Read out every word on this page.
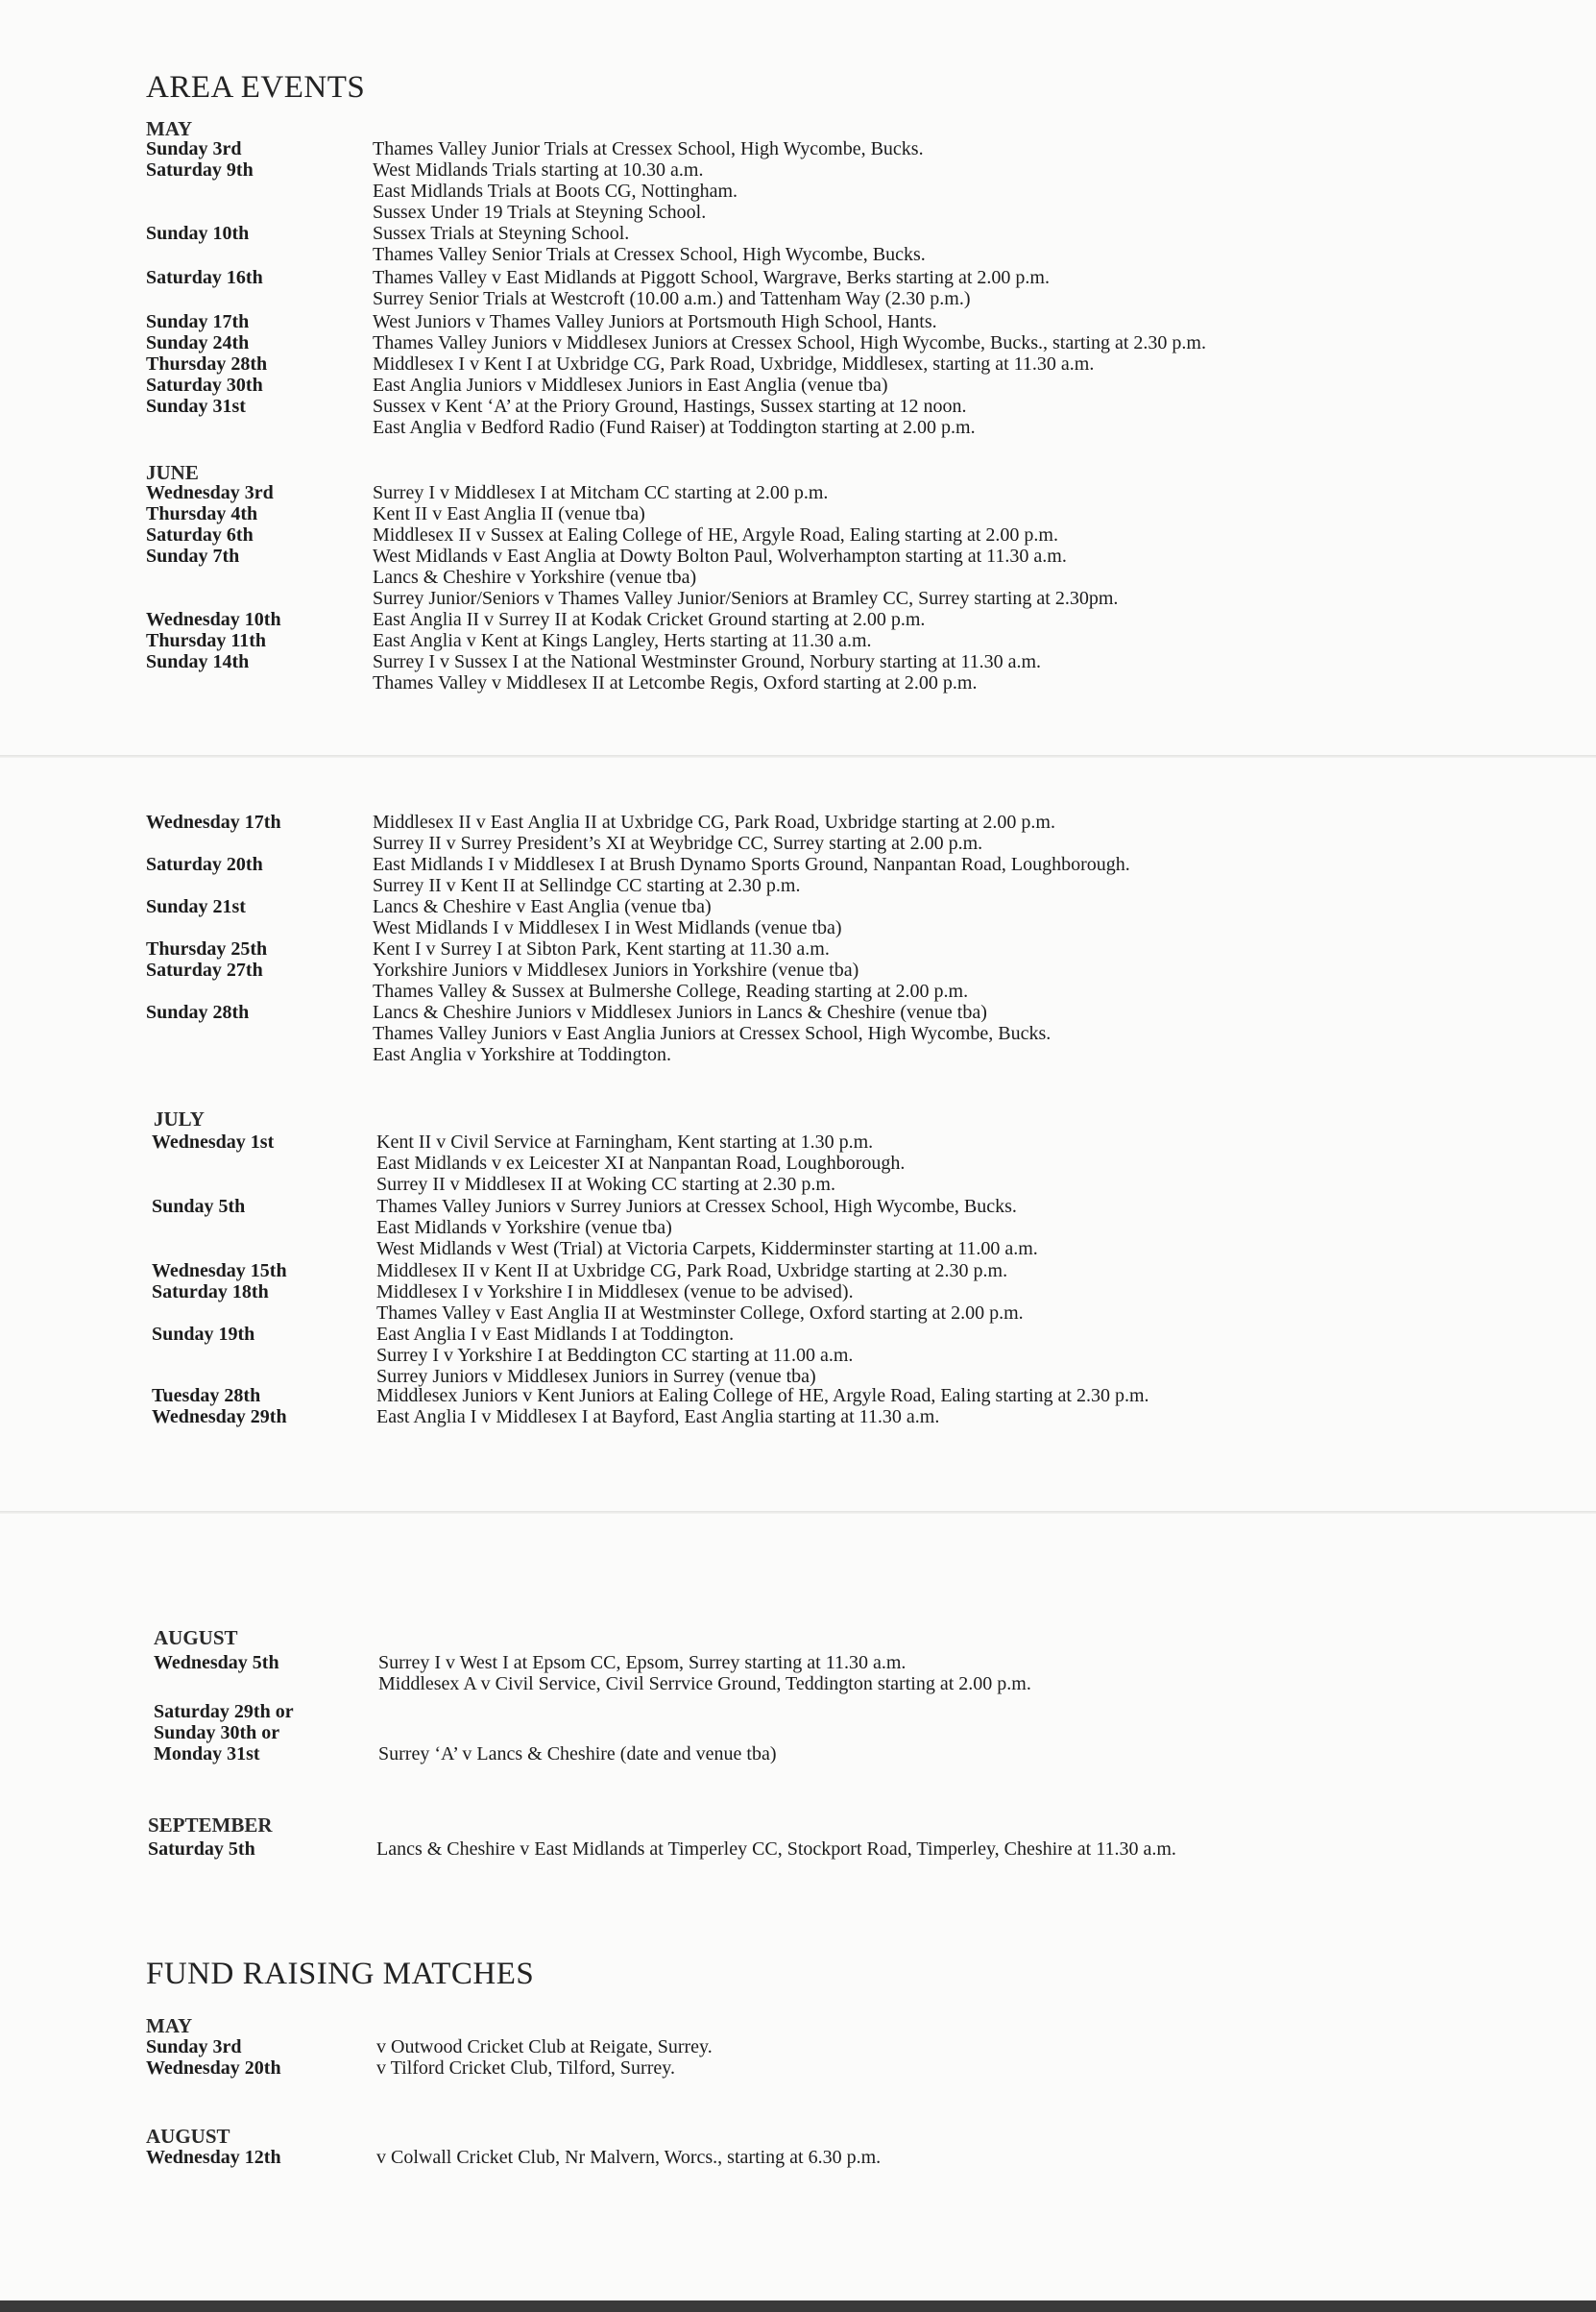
AREA EVENTS
FUND RAISING MATCHES
MAY
Sunday 3rd	Thames Valley Junior Trials at Cressex School, High Wycombe, Bucks.
Saturday 9th	West Midlands Trials starting at 10.30 a.m.
East Midlands Trials at Boots CG, Nottingham.
Sussex Under 19 Trials at Steyning School.
Sunday 10th	Sussex Trials at Steyning School.
Thames Valley Senior Trials at Cressex School, High Wycombe, Bucks.
Saturday 16th	Thames Valley v East Midlands at Piggott School, Wargrave, Berks starting at 2.00 p.m.
Surrey Senior Trials at Westcroft (10.00 a.m.) and Tattenham Way (2.30 p.m.)
Sunday 17th	West Juniors v Thames Valley Juniors at Portsmouth High School, Hants.
Sunday 24th	Thames Valley Juniors v Middlesex Juniors at Cressex School, High Wycombe, Bucks., starting at 2.30 p.m.
Thursday 28th	Middlesex I v Kent I at Uxbridge CG, Park Road, Uxbridge, Middlesex, starting at 11.30 a.m.
Saturday 30th	East Anglia Juniors v Middlesex Juniors in East Anglia (venue tba)
Sunday 31st	Sussex v Kent ‘A’ at the Priory Ground, Hastings, Sussex starting at 12 noon.
East Anglia v Bedford Radio (Fund Raiser) at Toddington starting at 2.00 p.m.
JUNE
Wednesday 3rd	Surrey I v Middlesex I at Mitcham CC starting at 2.00 p.m.
Thursday 4th	Kent II v East Anglia II (venue tba)
Saturday 6th	Middlesex II v Sussex at Ealing College of HE, Argyle Road, Ealing starting at 2.00 p.m.
Sunday 7th	West Midlands v East Anglia at Dowty Bolton Paul, Wolverhampton starting at 11.30 a.m.
Lancs & Cheshire v Yorkshire (venue tba)
Surrey Junior/Seniors v Thames Valley Junior/Seniors at Bramley CC, Surrey starting at 2.30pm.
Wednesday 10th	East Anglia II v Surrey II at Kodak Cricket Ground starting at 2.00 p.m.
Thursday 11th	East Anglia v Kent at Kings Langley, Herts starting at 11.30 a.m.
Sunday 14th	Surrey I v Sussex I at the National Westminster Ground, Norbury starting at 11.30 a.m.
Thames Valley v Middlesex II at Letcombe Regis, Oxford starting at 2.00 p.m.
Wednesday 17th	Middlesex II v East Anglia II at Uxbridge CG, Park Road, Uxbridge starting at 2.00 p.m.
Surrey II v Surrey President’s XI at Weybridge CC, Surrey starting at 2.00 p.m.
Saturday 20th	East Midlands I v Middlesex I at Brush Dynamo Sports Ground, Nanpantan Road, Loughborough.
Surrey II v Kent II at Sellindge CC starting at 2.30 p.m.
Sunday 21st	Lancs & Cheshire v East Anglia (venue tba)
West Midlands I v Middlesex I in West Midlands (venue tba)
Thursday 25th	Kent I v Surrey I at Sibton Park, Kent starting at 11.30 a.m.
Saturday 27th	Yorkshire Juniors v Middlesex Juniors in Yorkshire (venue tba)
Thames Valley & Sussex at Bulmershe College, Reading starting at 2.00 p.m.
Sunday 28th	Lancs & Cheshire Juniors v Middlesex Juniors in Lancs & Cheshire (venue tba)
Thames Valley Juniors v East Anglia Juniors at Cressex School, High Wycombe, Bucks.
East Anglia v Yorkshire at Toddington.
JULY
Wednesday 1st	Kent II v Civil Service at Farningham, Kent starting at 1.30 p.m.
East Midlands v ex Leicester XI at Nanpantan Road, Loughborough.
Surrey II v Middlesex II at Woking CC starting at 2.30 p.m.
Sunday 5th	Thames Valley Juniors v Surrey Juniors at Cressex School, High Wycombe, Bucks.
East Midlands v Yorkshire (venue tba)
West Midlands v West (Trial) at Victoria Carpets, Kidderminster starting at 11.00 a.m.
Wednesday 15th	Middlesex II v Kent II at Uxbridge CG, Park Road, Uxbridge starting at 2.30 p.m.
Saturday 18th	Middlesex I v Yorkshire I in Middlesex (venue to be advised).
Thames Valley v East Anglia II at Westminster College, Oxford starting at 2.00 p.m.
Sunday 19th	East Anglia I v East Midlands I at Toddington.
Surrey I v Yorkshire I at Beddington CC starting at 11.00 a.m.
Surrey Juniors v Middlesex Juniors in Surrey (venue tba)
Tuesday 28th	Middlesex Juniors v Kent Juniors at Ealing College of HE, Argyle Road, Ealing starting at 2.30 p.m.
Wednesday 29th	East Anglia I v Middlesex I at Bayford, East Anglia starting at 11.30 a.m.
AUGUST
Wednesday 5th	Surrey I v West I at Epsom CC, Epsom, Surrey starting at 11.30 a.m.
Middlesex A v Civil Service, Civil Serrvice Ground, Teddington starting at 2.00 p.m.
Saturday 29th or
Sunday 30th or
Monday 31st	Surrey ‘A’ v Lancs & Cheshire (date and venue tba)
SEPTEMBER
Saturday 5th	Lancs & Cheshire v East Midlands at Timperley CC, Stockport Road, Timperley, Cheshire at 11.30 a.m.
MAY
Sunday 3rd	v Outwood Cricket Club at Reigate, Surrey.
Wednesday 20th	v Tilford Cricket Club, Tilford, Surrey.
AUGUST
Wednesday 12th	v Colwall Cricket Club, Nr Malvern, Worcs., starting at 6.30 p.m.
